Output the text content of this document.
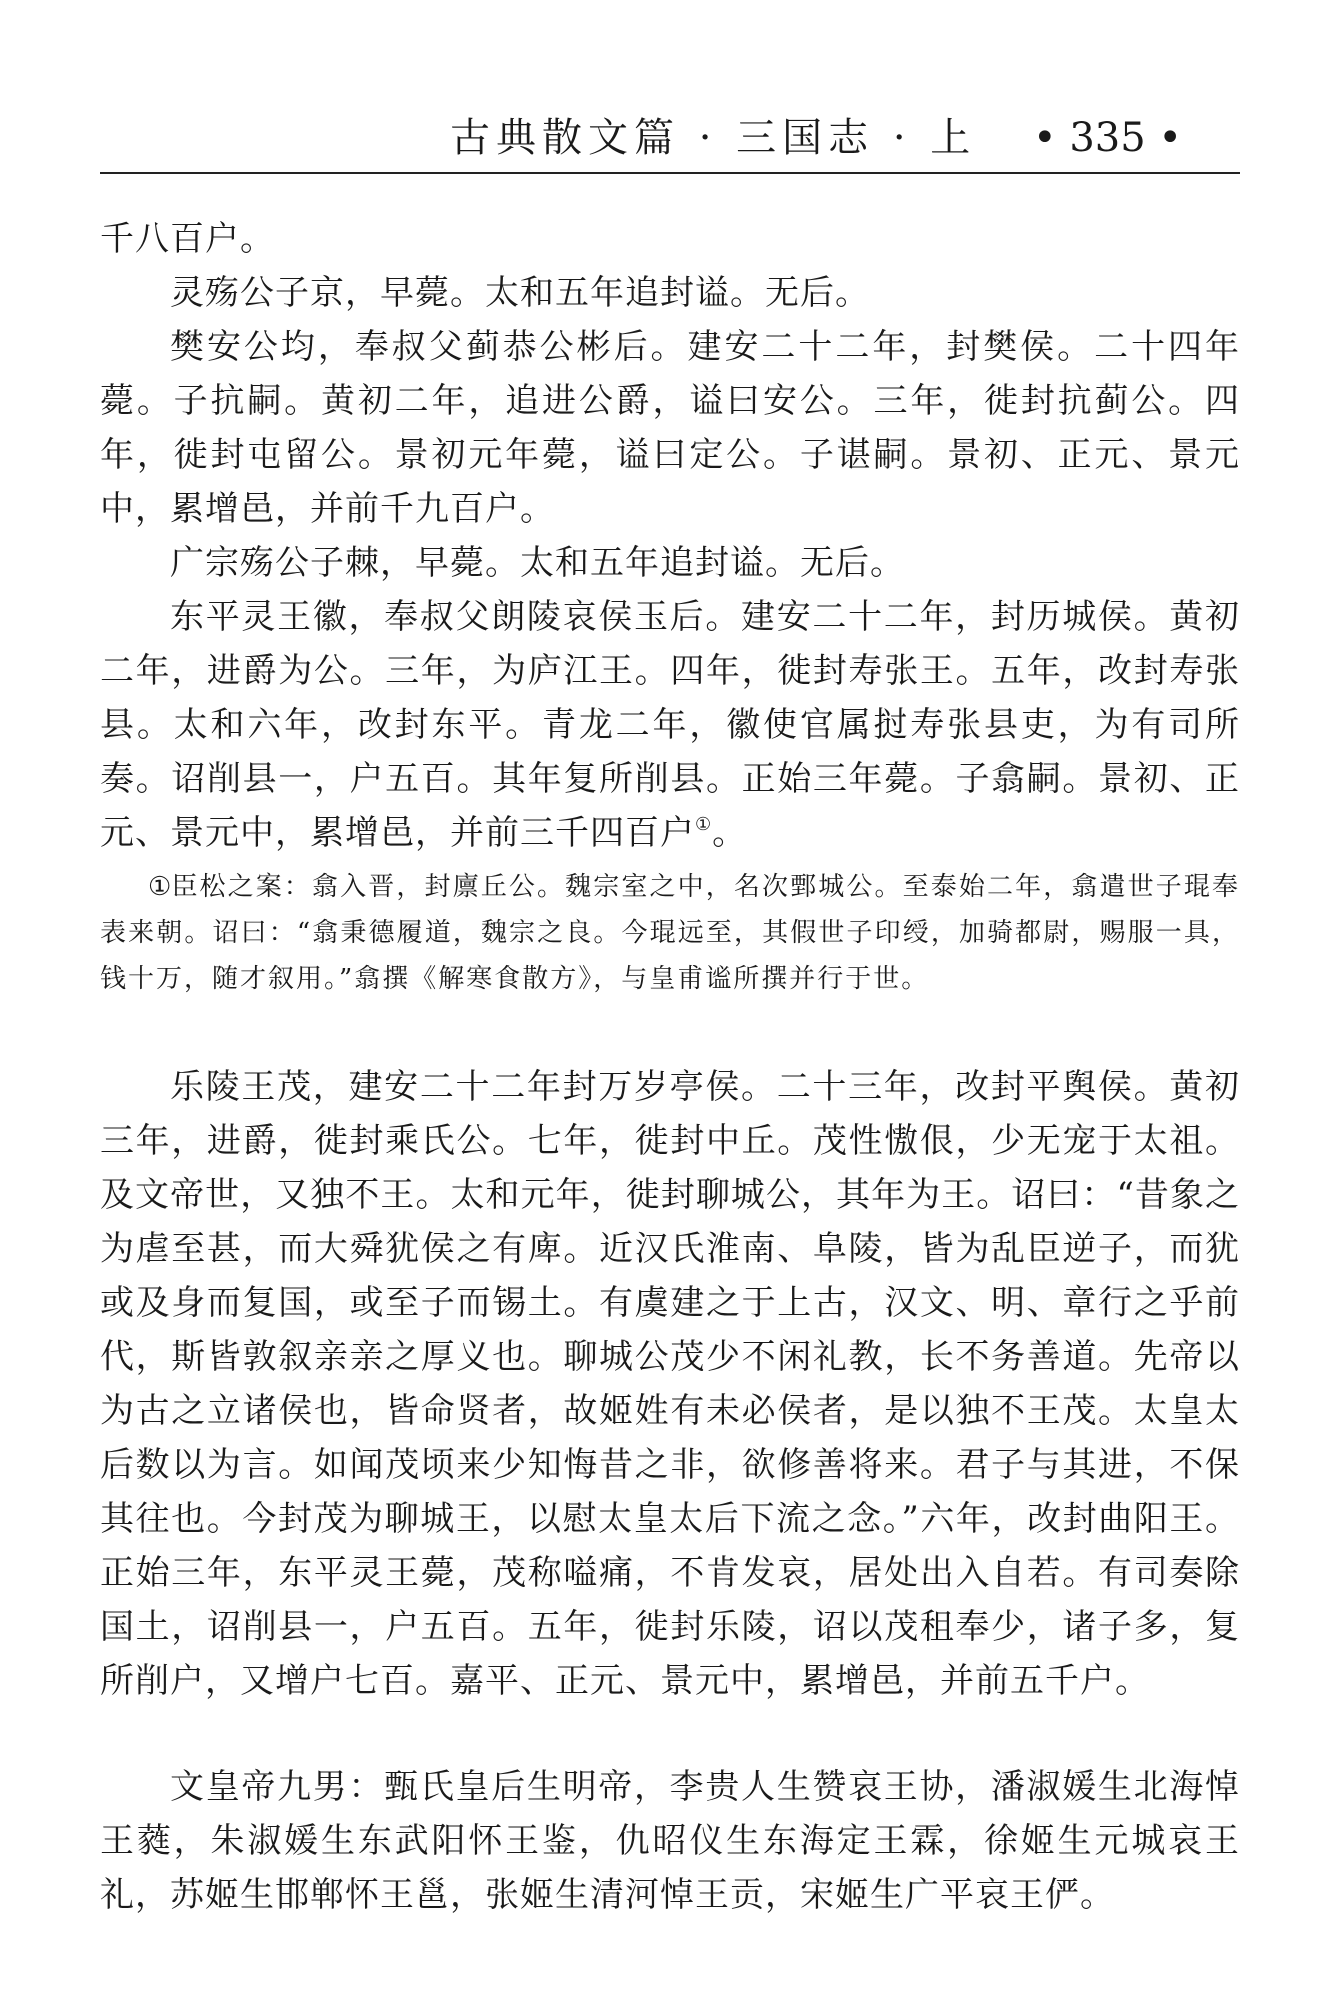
古典散文篇 · 三国志 · 上 • 335 •

千八百户。

灵殇公子京，早薨。太和五年追封谥。无后。

樊安公均，奉叔父蓟恭公彬后。建安二十二年，封樊侯。二十四年薨。子抗嗣。黄初二年，追进公爵，谥曰安公。三年，徙封抗蓟公。四年，徙封屯留公。景初元年薨，谥曰定公。子谌嗣。景初、正元、景元中，累增邑，并前千九百户。

广宗殇公子棘，早薨。太和五年追封谥。无后。

东平灵王徽，奉叔父朗陵哀侯玉后。建安二十二年，封历城侯。黄初二年，进爵为公。三年，为庐江王。四年，徙封寿张王。五年，改封寿张县。太和六年，改封东平。青龙二年，徽使官属挝寿张县吏，为有司所奏。诏削县一，户五百。其年复所削县。正始三年薨。子翕嗣。景初、正元、景元中，累增邑，并前三千四百户①。

①臣松之案：翕入晋，封廪丘公。魏宗室之中，名次鄄城公。至泰始二年，翕遣世子琨奉表来朝。诏曰：“翕秉德履道，魏宗之良。今琨远至，其假世子印绶，加骑都尉，赐服一具，钱十万，随才叙用。”翕撰《解寒食散方》，与皇甫谧所撰并行于世。

乐陵王茂，建安二十二年封万岁亭侯。二十三年，改封平舆侯。黄初三年，进爵，徙封乘氏公。七年，徙封中丘。茂性慠佷，少无宠于太祖。及文帝世，又独不王。太和元年，徙封聊城公，其年为王。诏曰：“昔象之为虐至甚，而大舜犹侯之有庳。近汉氏淮南、阜陵，皆为乱臣逆子，而犹或及身而复国，或至子而锡土。有虞建之于上古，汉文、明、章行之乎前代，斯皆敦叙亲亲之厚义也。聊城公茂少不闲礼教，长不务善道。先帝以为古之立诸侯也，皆命贤者，故姬姓有未必侯者，是以独不王茂。太皇太后数以为言。如闻茂顷来少知悔昔之非，欲修善将来。君子与其进，不保其往也。今封茂为聊城王，以慰太皇太后下流之念。”六年，改封曲阳王。正始三年，东平灵王薨，茂称嗌痛，不肯发哀，居处出入自若。有司奏除国土，诏削县一，户五百。五年，徙封乐陵，诏以茂租奉少，诸子多，复所削户，又增户七百。嘉平、正元、景元中，累增邑，并前五千户。

文皇帝九男：甄氏皇后生明帝，李贵人生赞哀王协，潘淑媛生北海悼王蕤，朱淑媛生东武阳怀王鉴，仇昭仪生东海定王霖，徐姬生元城哀王礼，苏姬生邯郸怀王邕，张姬生清河悼王贡，宋姬生广平哀王俨。
